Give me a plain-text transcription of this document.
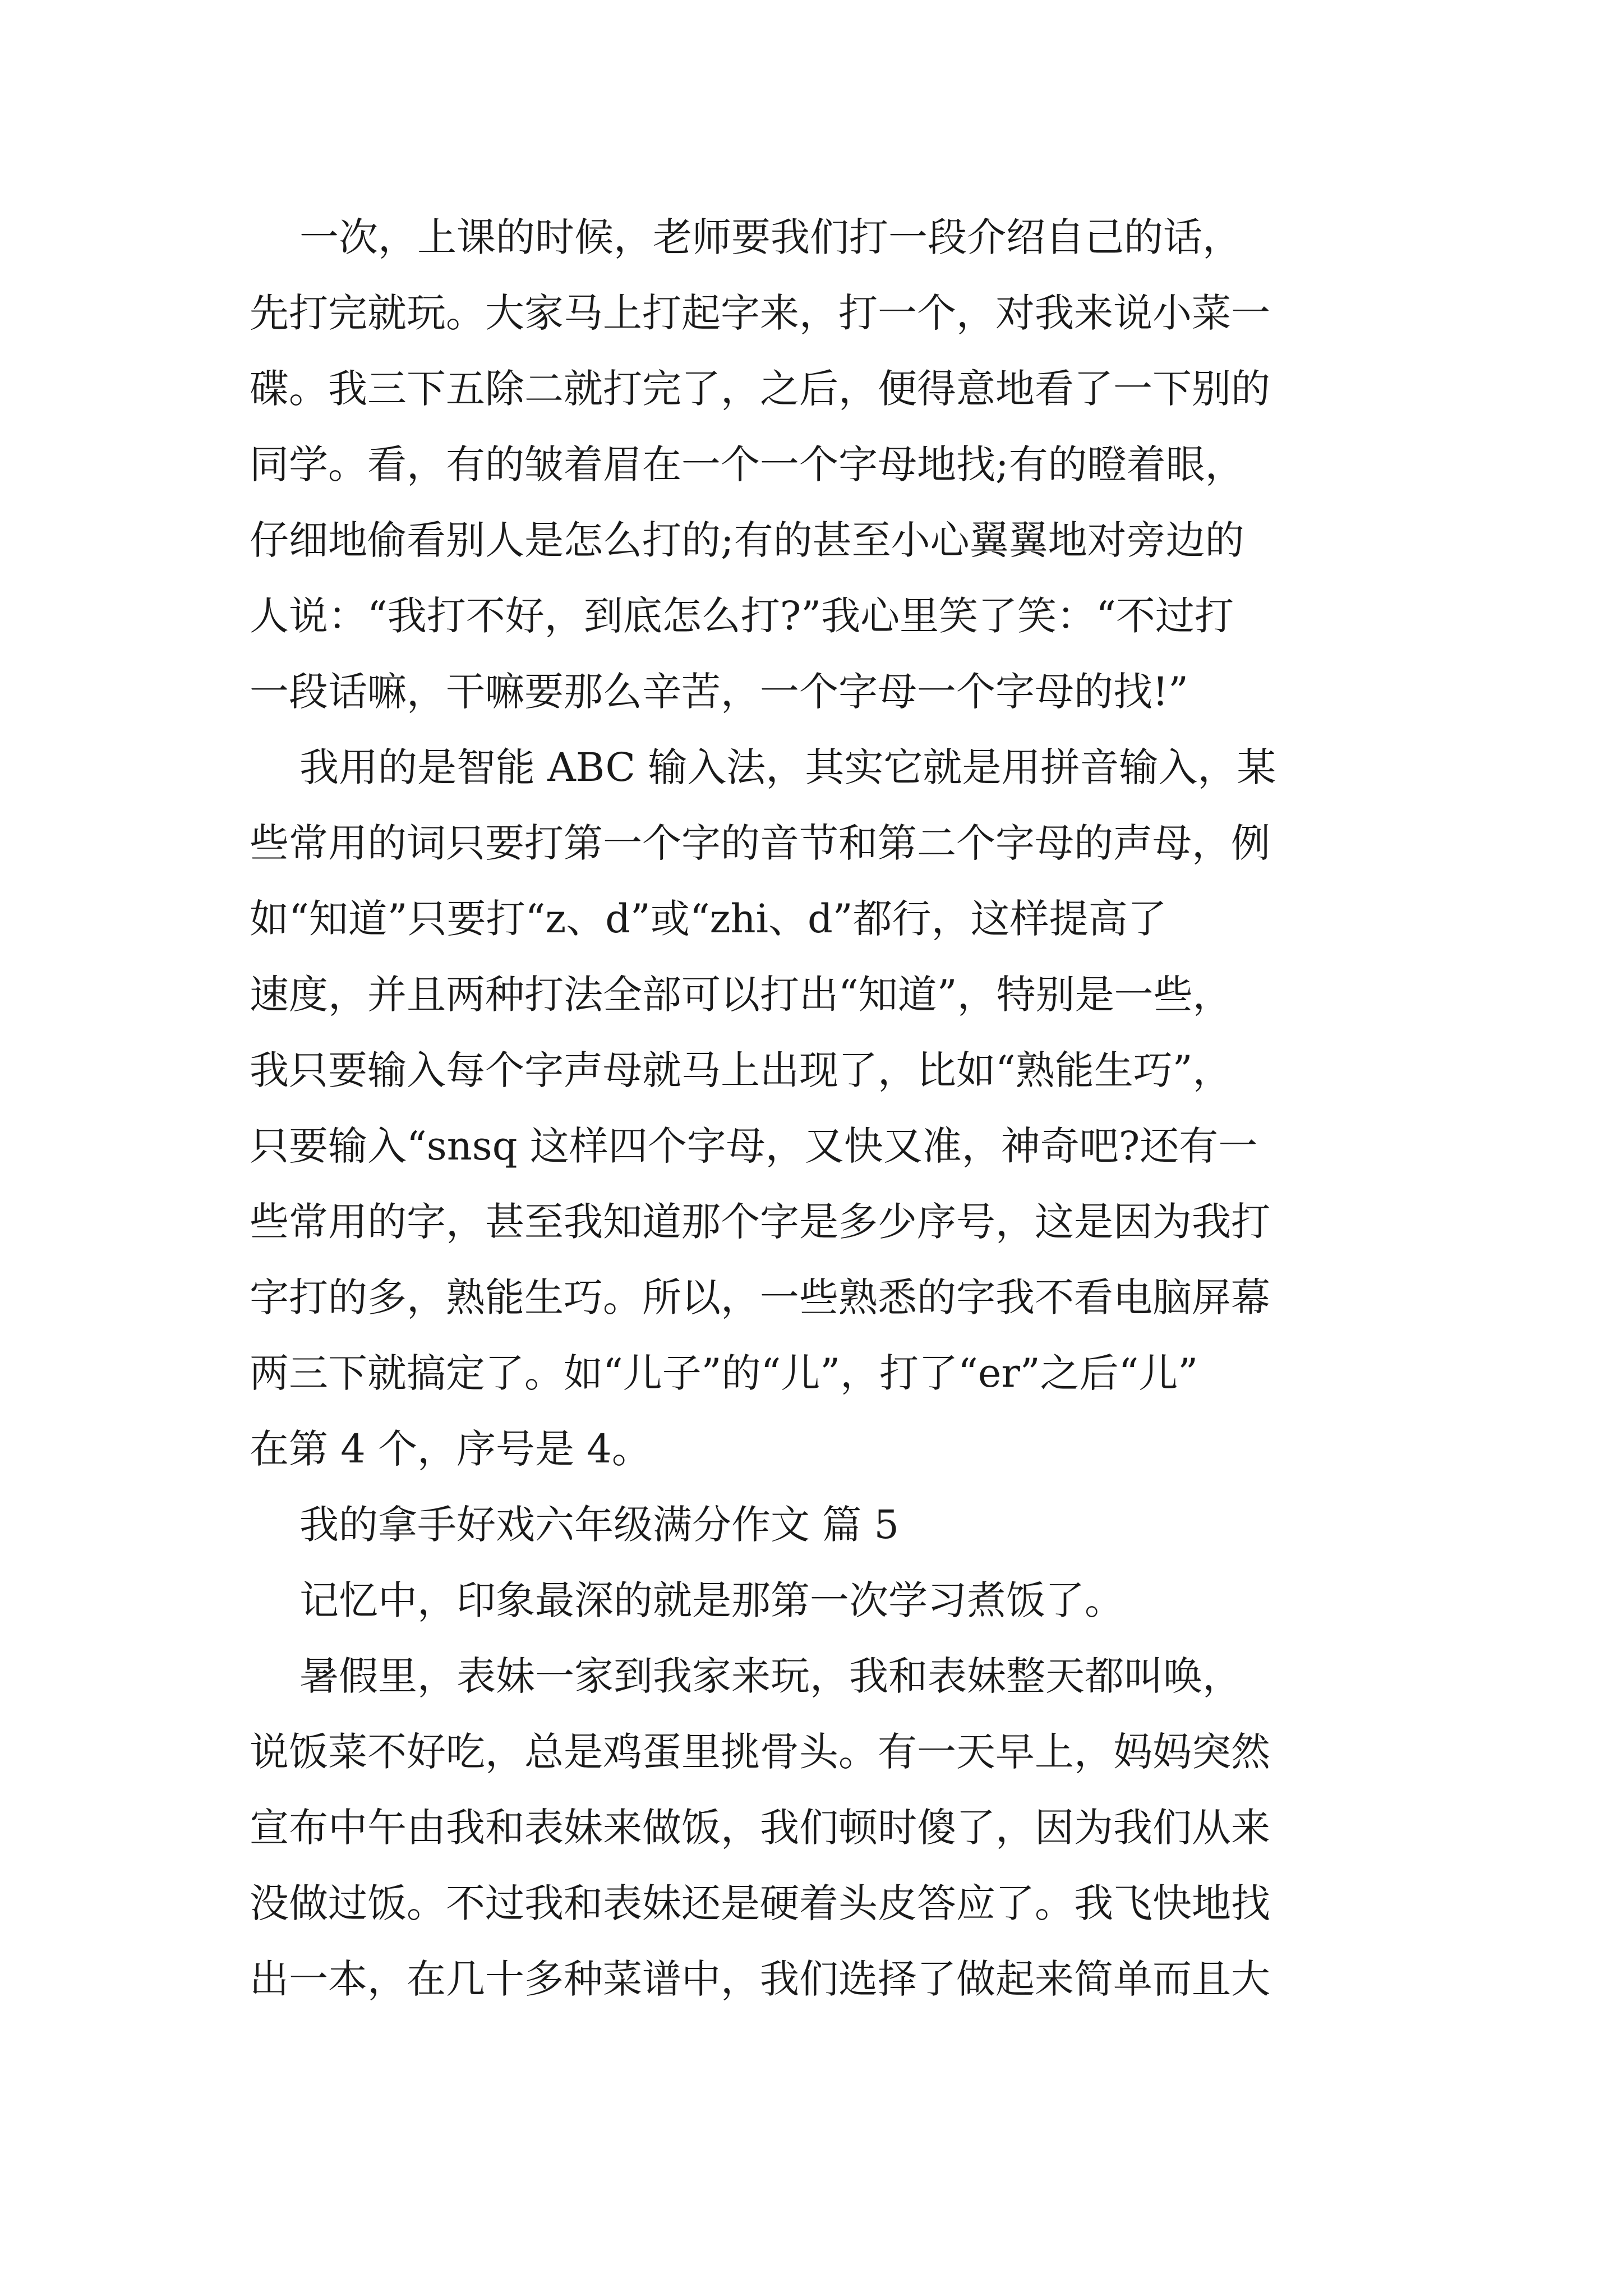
一次，上课的时候，老师要我们打一段介绍自己的话，
先打完就玩。大家马上打起字来，打一个，对我来说小菜一
碟。我三下五除二就打完了，之后，便得意地看了一下别的
同学。看，有的皱着眉在一个一个字母地找;有的瞪着眼，
仔细地偷看别人是怎么打的;有的甚至小心翼翼地对旁边的
人说：“我打不好，到底怎么打?”我心里笑了笑：“不过打
一段话嘛，干嘛要那么辛苦，一个字母一个字母的找!”
我用的是智能 ABC 输入法，其实它就是用拼音输入，某
些常用的词只要打第一个字的音节和第二个字母的声母，例
如“知道”只要打“z、d”或“zhi、d”都行，这样提高了
速度，并且两种打法全部可以打出“知道”，特别是一些，
我只要输入每个字声母就马上出现了，比如“熟能生巧”，
只要输入“snsq 这样四个字母，又快又准，神奇吧?还有一
些常用的字，甚至我知道那个字是多少序号，这是因为我打
字打的多，熟能生巧。所以，一些熟悉的字我不看电脑屏幕
两三下就搞定了。如“儿子”的“儿”，打了“er”之后“儿”
在第 4 个，序号是 4。
我的拿手好戏六年级满分作文 篇 5
记忆中，印象最深的就是那第一次学习煮饭了。
暑假里，表妹一家到我家来玩，我和表妹整天都叫唤，
说饭菜不好吃，总是鸡蛋里挑骨头。有一天早上，妈妈突然
宣布中午由我和表妹来做饭，我们顿时傻了，因为我们从来
没做过饭。不过我和表妹还是硬着头皮答应了。我飞快地找
出一本，在几十多种菜谱中，我们选择了做起来简单而且大
